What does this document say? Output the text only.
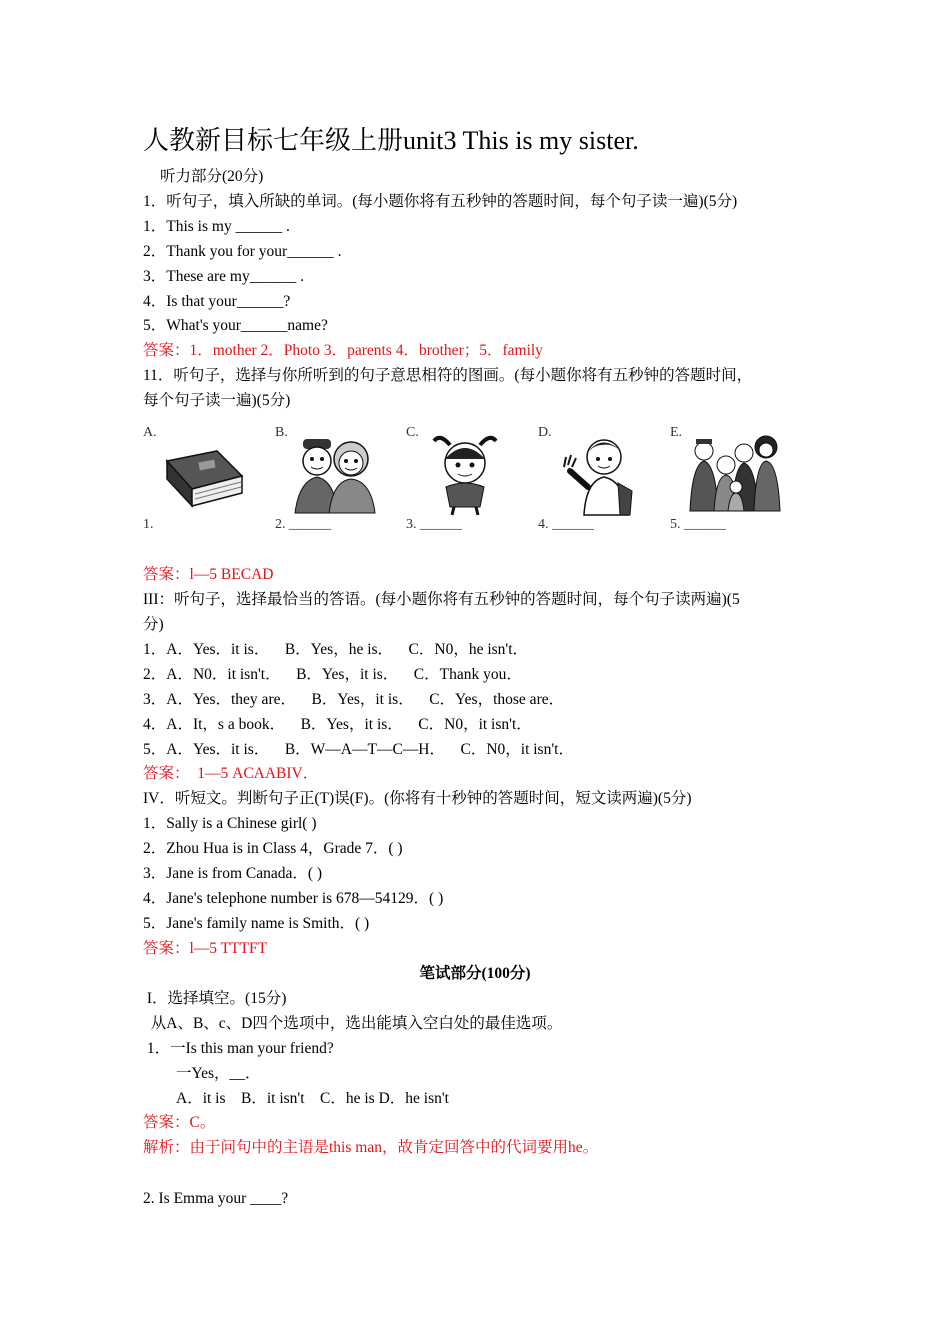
人教新目标七年级上册unit3 This is my sister.
听力部分(20分)
1．听句子，填入所缺的单词。(每小题你将有五秒钟的答题时间，每个句子读一遍)(5分)
1．This is my ______ .
2．Thank you for your______ .
3．These are my______ .
4．Is that your______?
5．What's your______name?
答案：1．mother 2．Photo 3．parents 4．brother；5．family
11．听句子，选择与你所听到的句子意思相符的图画。(每小题你将有五秒钟的答题时间，
每个句子读一遍)(5分)
A.
1.
B.
2. ______
C.
3. ______
D.
4. ______
E.
5. ______
答案：l—5 BECAD
III：听句子，选择最恰当的答语。(每小题你将有五秒钟的答题时间，每个句子读两遍)(5
分)
1．A．Yes．it is．    B．Yes，he is．    C．N0，he isn't．
2．A．N0．it isn't．    B．Yes，it is．    C．Thank you．
3．A．Yes．they are．    B．Yes，it is．    C．Yes，those are．
4．A．It，s a book．    B．Yes，it is．    C．N0，it isn't．
5．A．Yes．it is．    B．W—A—T—C—H．    C．N0，it isn't．
答案：  1—5 ACAABIV．
IV．听短文。判断句子正(T)误(F)。(你将有十秒钟的答题时间，短文读两遍)(5分)
1．Sally is a Chinese girl( )
2．Zhou Hua is in Class 4，Grade 7．( )
3．Jane is from Canada．( )
4．Jane's telephone number is 678—54129．( )
5．Jane's family name is Smith．( )
答案：l—5 TTTFT
笔试部分(100分)
I．选择填空。(15分)
从A、B、c、D四个选项中，选出能填入空白处的最佳选项。
1．一Is this man your friend?
一Yes，__．
A．it is    B．it isn't    C．he is D．he isn't
答案：C。
解析：由于问句中的主语是this man，故肯定回答中的代词要用he。
2. Is Emma your ____?
